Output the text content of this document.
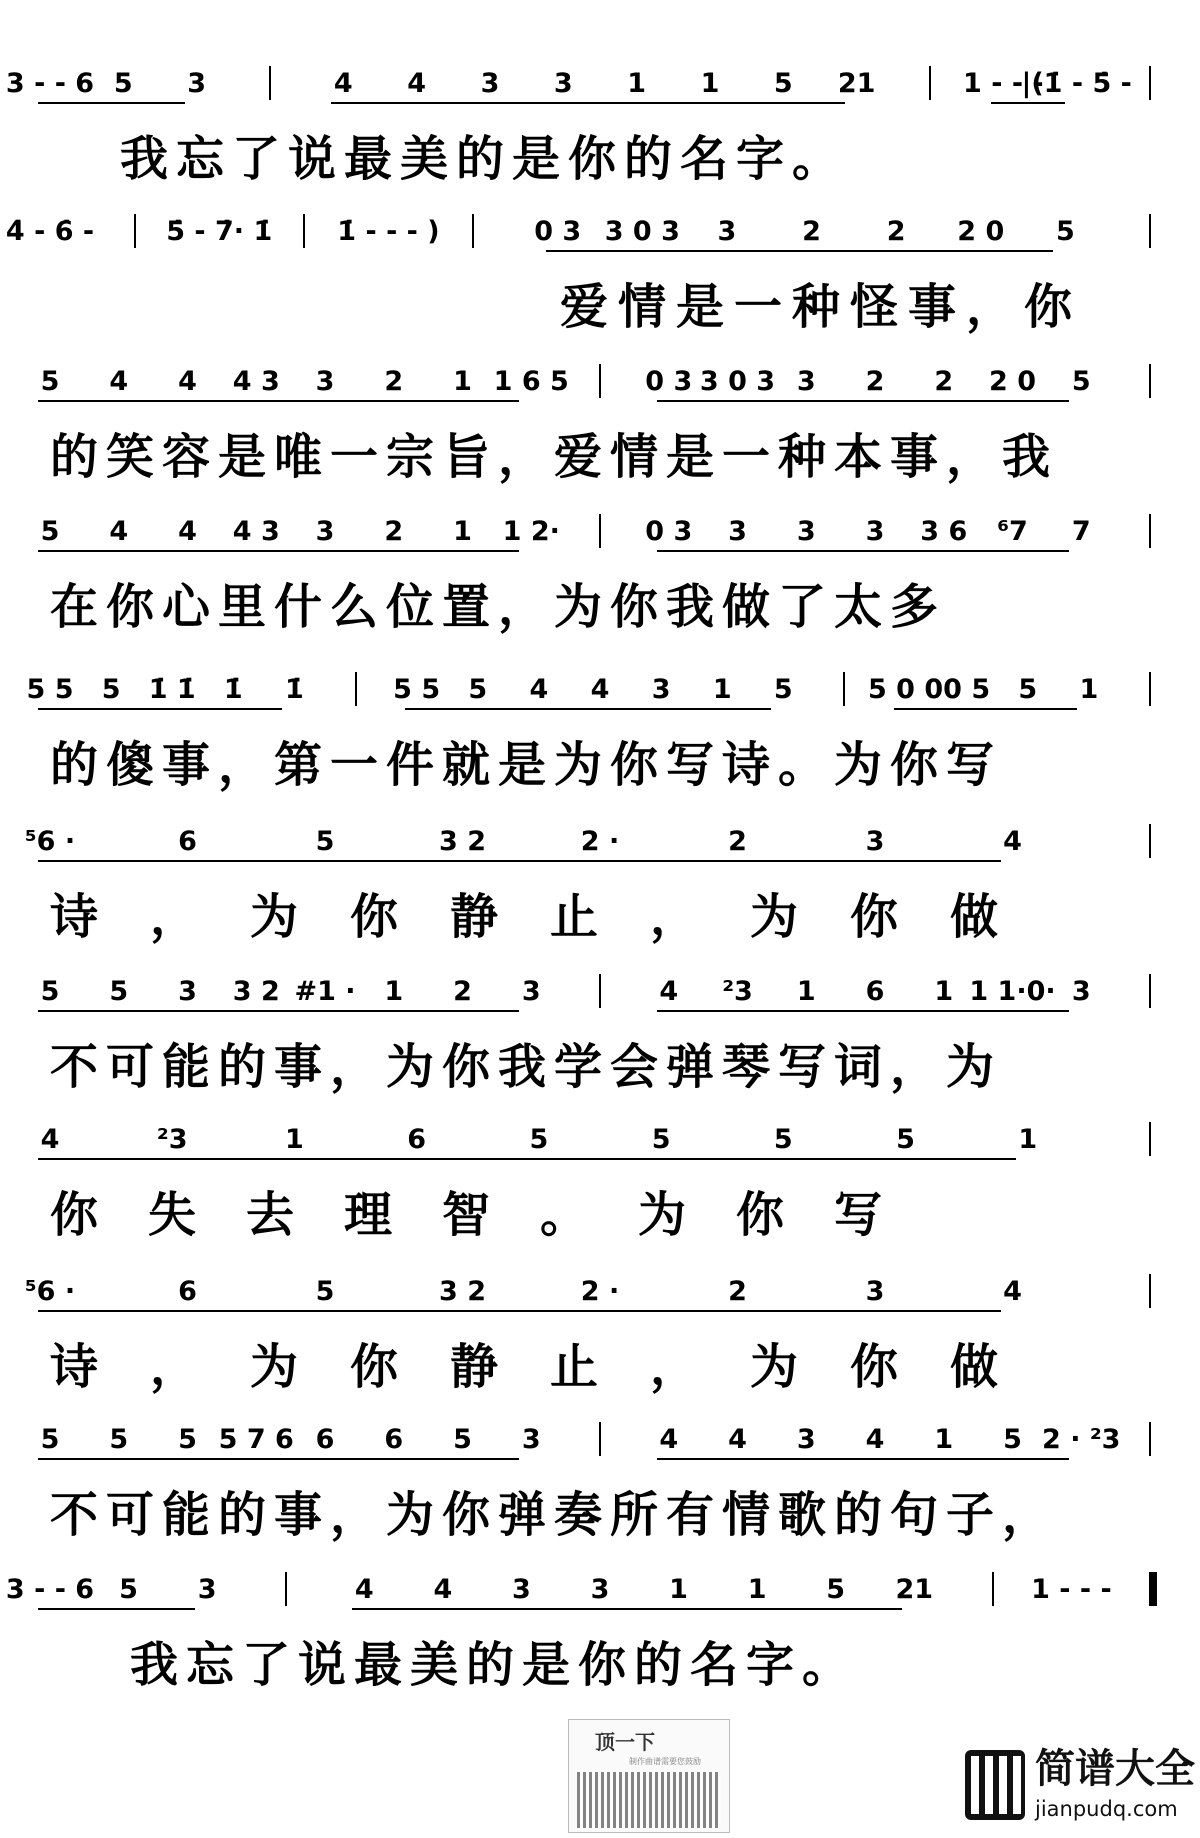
3 - - 6 5 3	4 4 3 3 1 1 5 21	1 - - -
|(1̇ - 5̇ -
我 忘 了 说 最 美 的 是 你 的 名 字 。
4̇ - 6̇ -	5̇ - 7̇· 1̇ 1̇ - - - )	0 3 3 0 3 3 2 2 2 0 5
爱 情 是 一 种 怪 事 ， 你
5 4 4 4 3 3 2 1 1 6 5	0 3 3 0 3 3 2 2 2 0 5
的 笑 容 是 唯 一 宗 旨 ， 爱 情 是 一 种 本 事 ， 我
5 4 4 4 3 3 2 1 1 2·	0 3 3 3 3 3 6 ⁶7 7
在 你 心 里 什 么 位 置 ， 为 你 我 做 了 太 多
5 5 5 1̇ 1̇ 1̇ 1̇	5 5 5 4 4 3 1 5	5 0 0 0 5 5 1
的 傻 事 ， 第 一 件 就 是 为 你 写 诗 。 为 你 写
⁵6 ·	6	5	3 2	2 ·	2	3	4
诗 ， 为 你 静 止 ， 为 你 做
5 5 3 3 2 #1 · 1 2 3	4 ²3 1 6 1 1 1·0· 3
不 可 能 的 事 ， 为 你 我 学 会 弹 琴 写 词 ， 为
4	²3	1	6	5	5	5	5	1
你 失 去 理 智 。 为 你 写
⁵6 ·	6	5	3 2	2 ·	2	3	4
诗 ， 为 你 静 止 ， 为 你 做
5 5 5 5 7 6 6 6 5 3	4 4 3 4 1 5 2 · ²3
不 可 能 的 事 ， 为 你 弹 奏 所 有 情 歌 的 句 子 ，
3 - - 6 5 3	4 4 3 3 1 1 5 21	1 - - -
我 忘 了 说 最 美 的 是 你 的 名 字 。
顶一下
制作曲谱需要您鼓励	简谱大全
jianpudq.com
